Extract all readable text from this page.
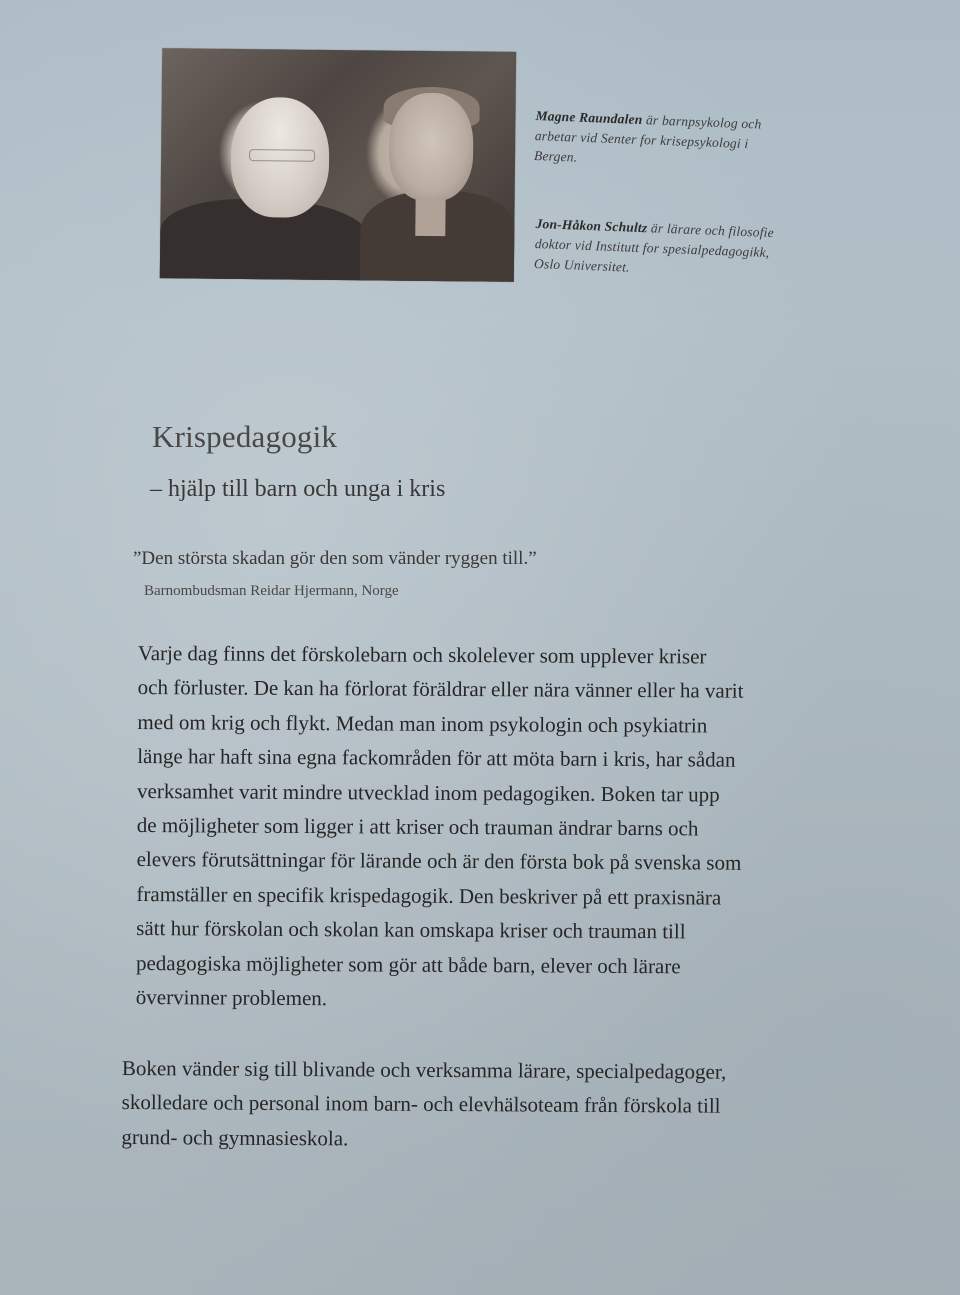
Magne Raundalen är barnpsykolog och
arbetar vid Senter for krisepsykologi i
Bergen.
Jon-Håkon Schultz är lärare och filosofie
doktor vid Institutt for spesialpedagogikk,
Oslo Universitet.
Krispedagogik
– hjälp till barn och unga i kris
”Den största skadan gör den som vänder ryggen till.”
Barnombudsman Reidar Hjermann, Norge
Varje dag finns det förskolebarn och skolelever som upplever kriser
och förluster. De kan ha förlorat föräldrar eller nära vänner eller ha varit
med om krig och flykt. Medan man inom psykologin och psykiatrin
länge har haft sina egna fackområden för att möta barn i kris, har sådan
verksamhet varit mindre utvecklad inom pedagogiken. Boken tar upp
de möjligheter som ligger i att kriser och trauman ändrar barns och
elevers förutsättningar för lärande och är den första bok på svenska som
framställer en specifik krispedagogik. Den beskriver på ett praxisnära
sätt hur förskolan och skolan kan omskapa kriser och trauman till
pedagogiska möjligheter som gör att både barn, elever och lärare
övervinner problemen.
Boken vänder sig till blivande och verksamma lärare, specialpedagoger,
skolledare och personal inom barn- och elevhälsoteam från förskola till
grund- och gymnasieskola.
